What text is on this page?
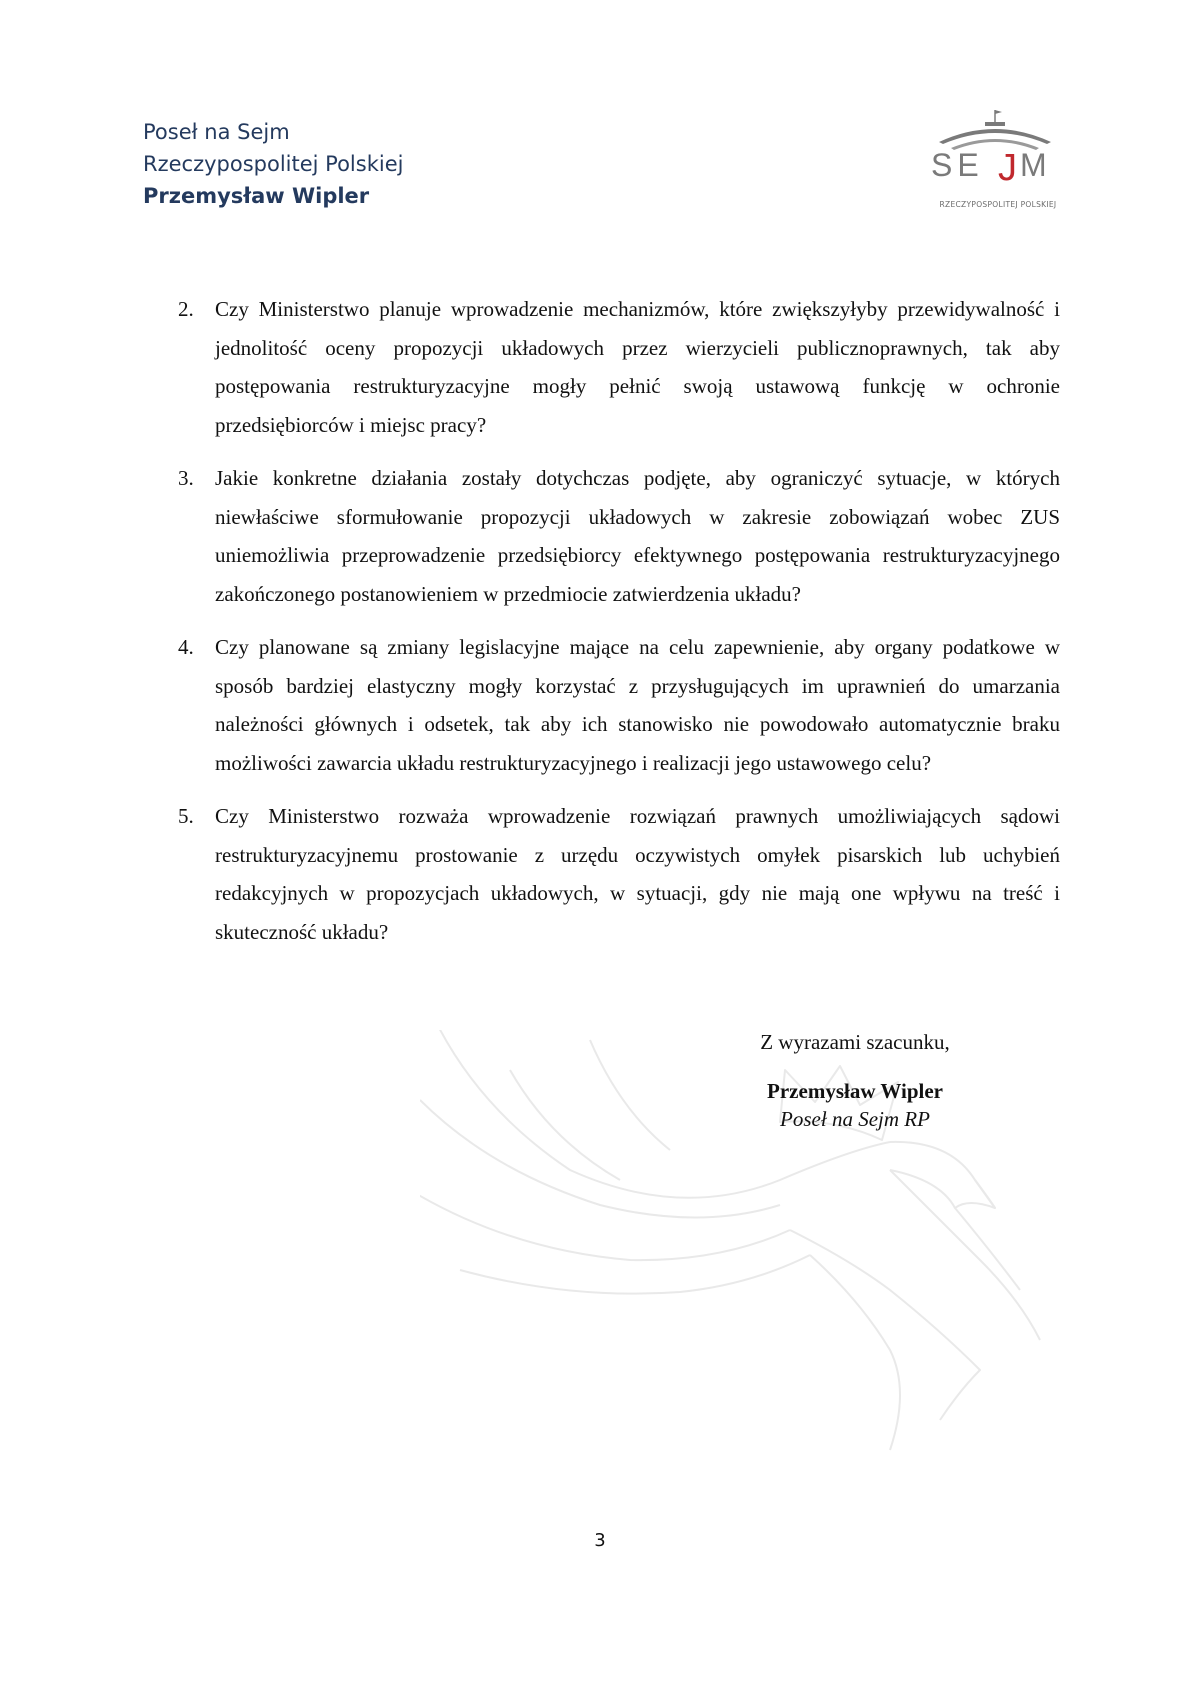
Poseł na Sejm
Rzeczypospolitej Polskiej
Przemysław Wipler
SE J M
RZECZYPOSPOLITEJ POLSKIEJ
2. Czy Ministerstwo planuje wprowadzenie mechanizmów, które zwiększyłyby przewidywalność i jednolitość oceny propozycji układowych przez wierzycieli publicznoprawnych, tak aby postępowania restrukturyzacyjne mogły pełnić swoją ustawową funkcję w ochronie przedsiębiorców i miejsc pracy?
3. Jakie konkretne działania zostały dotychczas podjęte, aby ograniczyć sytuacje, w których niewłaściwe sformułowanie propozycji układowych w zakresie zobowiązań wobec ZUS uniemożliwia przeprowadzenie przedsiębiorcy efektywnego postępowania restrukturyzacyjnego zakończonego postanowieniem w przedmiocie zatwierdzenia układu?
4. Czy planowane są zmiany legislacyjne mające na celu zapewnienie, aby organy podatkowe w sposób bardziej elastyczny mogły korzystać z przysługujących im uprawnień do umarzania należności głównych i odsetek, tak aby ich stanowisko nie powodowało automatycznie braku możliwości zawarcia układu restrukturyzacyjnego i realizacji jego ustawowego celu?
5. Czy Ministerstwo rozważa wprowadzenie rozwiązań prawnych umożliwiających sądowi restrukturyzacyjnemu prostowanie z urzędu oczywistych omyłek pisarskich lub uchybień redakcyjnych w propozycjach układowych, w sytuacji, gdy nie mają one wpływu na treść i skuteczność układu?
Z wyrazami szacunku,
Przemysław Wipler
Poseł na Sejm RP
3
